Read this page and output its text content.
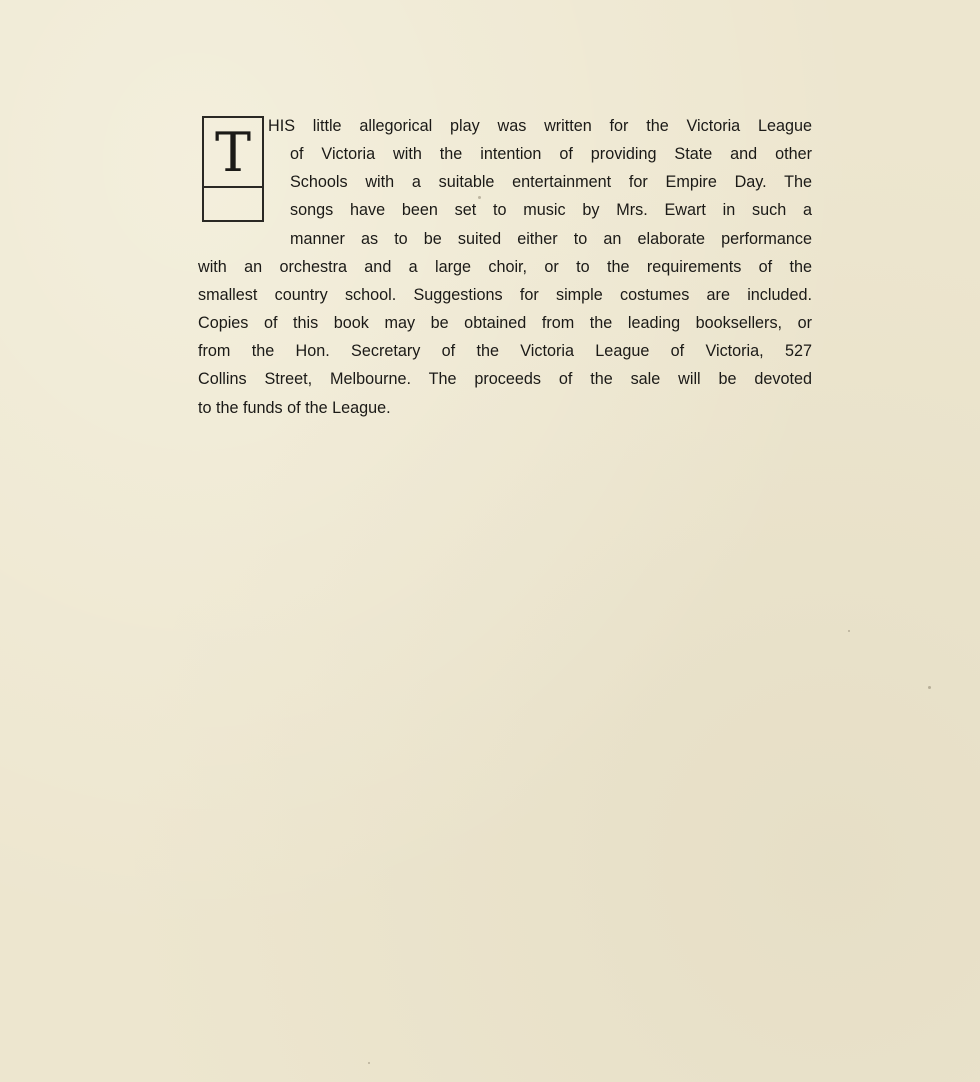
T HIS little allegorical play was written for the Victoria League
of Victoria with the intention of providing State and other
Schools with a suitable entertainment for Empire Day. The
songs have been set to music by Mrs. Ewart in such a
manner as to be suited either to an elaborate performance
with an orchestra and a large choir, or to the requirements of the
smallest country school. Suggestions for simple costumes are included.
Copies of this book may be obtained from the leading booksellers, or
from the Hon. Secretary of the Victoria League of Victoria, 527
Collins Street, Melbourne. The proceeds of the sale will be devoted
to the funds of the League.
